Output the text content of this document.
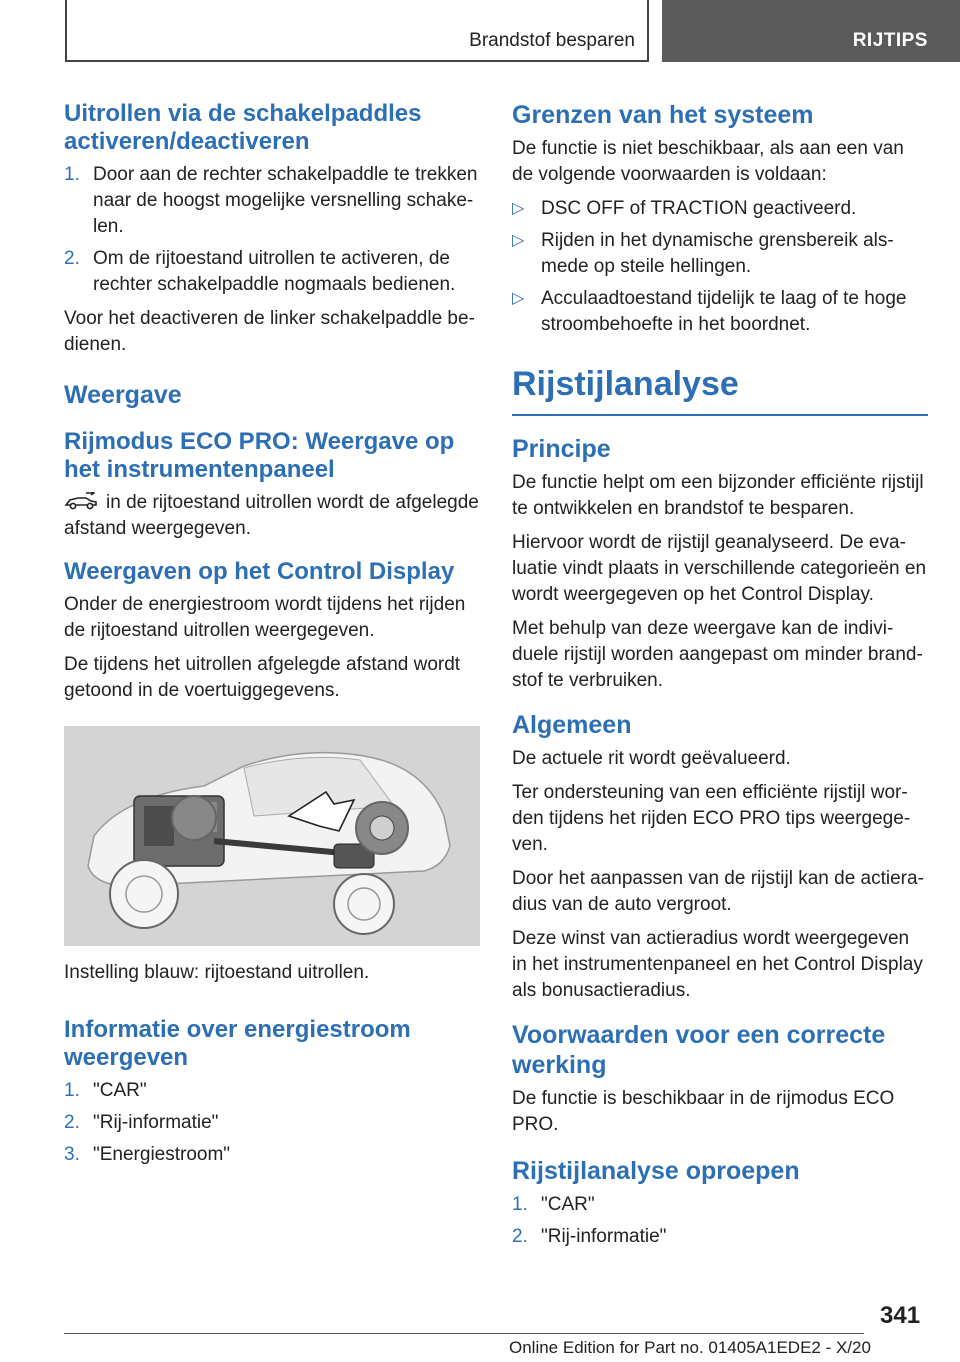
Brandstof besparen	RIJTIPS
Uitrollen via de schakelpaddles activeren/deactiveren
1. Door aan de rechter schakelpaddle te trekken naar de hoogst mogelijke versnelling schakelen.
2. Om de rijtoestand uitrollen te activeren, de rechter schakelpaddle nogmaals bedienen.

Voor het deactiveren de linker schakelpaddle bedienen.

Weergave
Rijmodus ECO PRO: Weergave op het instrumentenpaneel

in de rijtoestand uitrollen wordt de afgelegde afstand weergegeven.

Weergaven op het Control Display

Onder de energiestroom wordt tijdens het rijden de rijtoestand uitrollen weergegeven.

De tijdens het uitrollen afgelegde afstand wordt getoond in de voertuiggegevens.

Instelling blauw: rijtoestand uitrollen.

Informatie over energiestroom weergeven
1. "CAR"
2. "Rij-informatie"
3. "Energiestroom"
Grenzen van het systeem

De functie is niet beschikbaar, als aan een van de volgende voorwaarden is voldaan:

▷ DSC OFF of TRACTION geactiveerd.
▷ Rijden in het dynamische grensbereik alsmede op steile hellingen.
▷ Acculaadtoestand tijdelijk te laag of te hoge stroombehoefte in het boordnet.
Rijstijlanalyse
Principe

De functie helpt om een bijzonder efficiënte rijstijl te ontwikkelen en brandstof te besparen.

Hiervoor wordt de rijstijl geanalyseerd. De evaluatie vindt plaats in verschillende categorieën en wordt weergegeven op het Control Display.

Met behulp van deze weergave kan de individuele rijstijl worden aangepast om minder brandstof te verbruiken.

Algemeen

De actuele rit wordt geëvalueerd.

Ter ondersteuning van een efficiënte rijstijl worden tijdens het rijden ECO PRO tips weergegeven.

Door het aanpassen van de rijstijl kan de actieradius van de auto vergroot.

Deze winst van actieradius wordt weergegeven in het instrumentenpaneel en het Control Display als bonusactieradius.

Voorwaarden voor een correcte werking

De functie is beschikbaar in de rijmodus ECO PRO.

Rijstijlanalyse oproepen
1. "CAR"
2. "Rij-informatie"
341
Online Edition for Part no. 01405A1EDE2 - X/20
